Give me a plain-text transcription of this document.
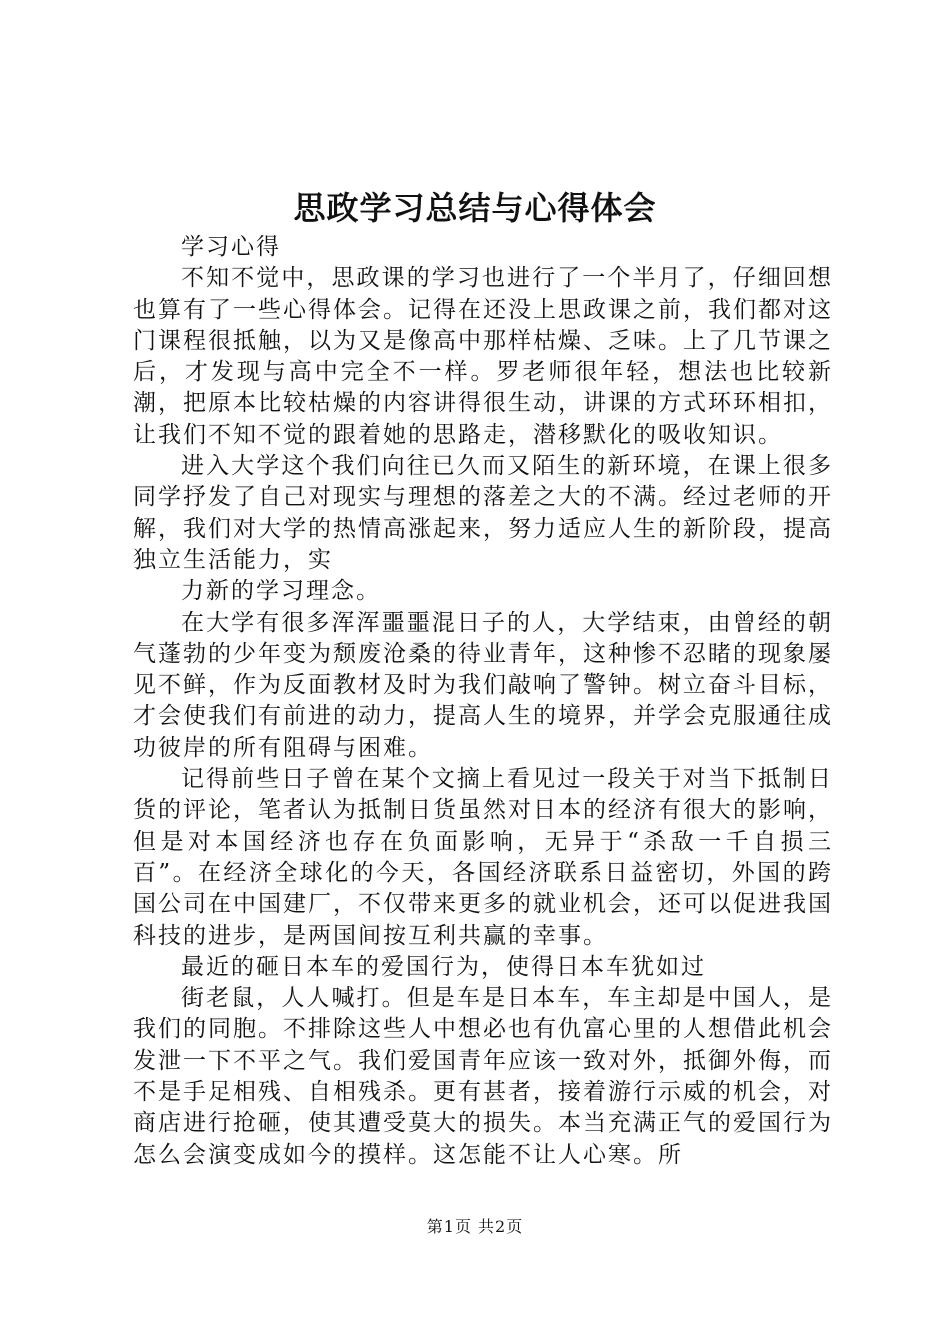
思政学习总结与心得体会

学习心得

不知不觉中，思政课的学习也进行了一个半月了，仔细回想也算有了一些心得体会。记得在还没上思政课之前，我们都对这门课程很抵触，以为又是像高中那样枯燥、乏味。上了几节课之后，才发现与高中完全不一样。罗老师很年轻，想法也比较新潮，把原本比较枯燥的内容讲得很生动，讲课的方式环环相扣，让我们不知不觉的跟着她的思路走，潜移默化的吸收知识。

进入大学这个我们向往已久而又陌生的新环境，在课上很多同学抒发了自己对现实与理想的落差之大的不满。经过老师的开解，我们对大学的热情高涨起来，努力适应人生的新阶段，提高独立生活能力，实

力新的学习理念。

在大学有很多浑浑噩噩混日子的人，大学结束，由曾经的朝气蓬勃的少年变为颓废沧桑的待业青年，这种惨不忍睹的现象屡见不鲜，作为反面教材及时为我们敲响了警钟。树立奋斗目标，才会使我们有前进的动力，提高人生的境界，并学会克服通往成功彼岸的所有阻碍与困难。

记得前些日子曾在某个文摘上看见过一段关于对当下抵制日货的评论，笔者认为抵制日货虽然对日本的经济有很大的影响，但是对本国经济也存在负面影响，无异于“杀敌一千自损三百”。在经济全球化的今天，各国经济联系日益密切，外国的跨国公司在中国建厂，不仅带来更多的就业机会，还可以促进我国科技的进步，是两国间按互利共赢的幸事。

最近的砸日本车的爱国行为，使得日本车犹如过

街老鼠，人人喊打。但是车是日本车，车主却是中国人，是我们的同胞。不排除这些人中想必也有仇富心里的人想借此机会发泄一下不平之气。我们爱国青年应该一致对外，抵御外侮，而不是手足相残、自相残杀。更有甚者，接着游行示威的机会，对商店进行抢砸，使其遭受莫大的损失。本当充满正气的爱国行为怎么会演变成如今的摸样。这怎能不让人心寒。所

第1页 共2页
